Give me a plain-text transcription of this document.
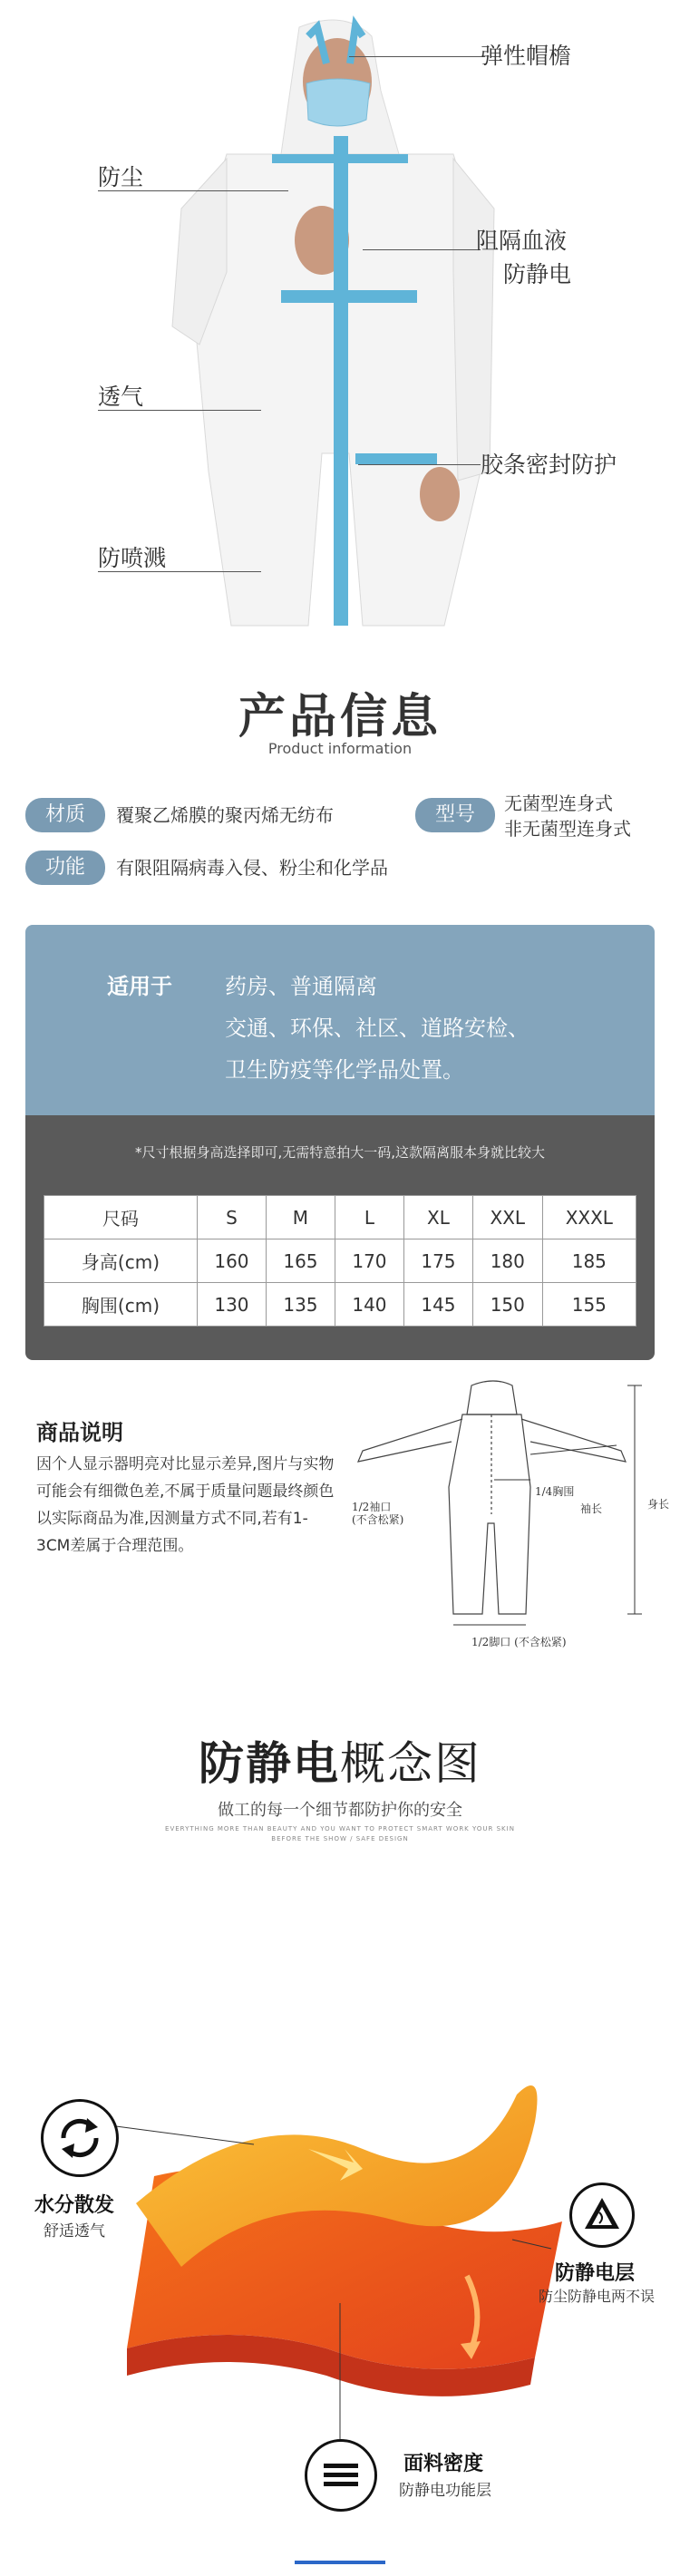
弹性帽檐
防尘
阻隔血液
防静电
透气
胶条密封防护
防喷溅
产品信息
Product information
材质	覆聚乙烯膜的聚丙烯无纺布	型号	无菌型连身式
非无菌型连身式
功能	有限阻隔病毒入侵、粉尘和化学品
适用于 药房、普通隔离
交通、环保、社区、道路安检、
卫生防疫等化学品处置。
*尺寸根据身高选择即可,无需特意拍大一码,这款隔离服本身就比较大
尺码	S	M	L	XL	XXL	XXXL
身高(cm)	160	165	170	175	180	185
胸围(cm)	130	135	140	145	150	155
商品说明
因个人显示器明亮对比显示差异,图片与实物可能会有细微色差,不属于质量问题最终颜色以实际商品为准,因测量方式不同,若有1-3CM差属于合理范围。
1/2袖口
(不含松紧)
袖长
1/4胸围
身长
1/2脚口 (不含松紧)
防静电概念图
做工的每一个细节都防护你的安全
EVERYTHING MORE THAN BEAUTY AND YOU WANT TO PROTECT SMART WORK YOUR SKIN
BEFORE THE SHOW / SAFE DESIGN
水分散发
舒适透气
防静电层
防尘防静电两不误
面料密度
防静电功能层
